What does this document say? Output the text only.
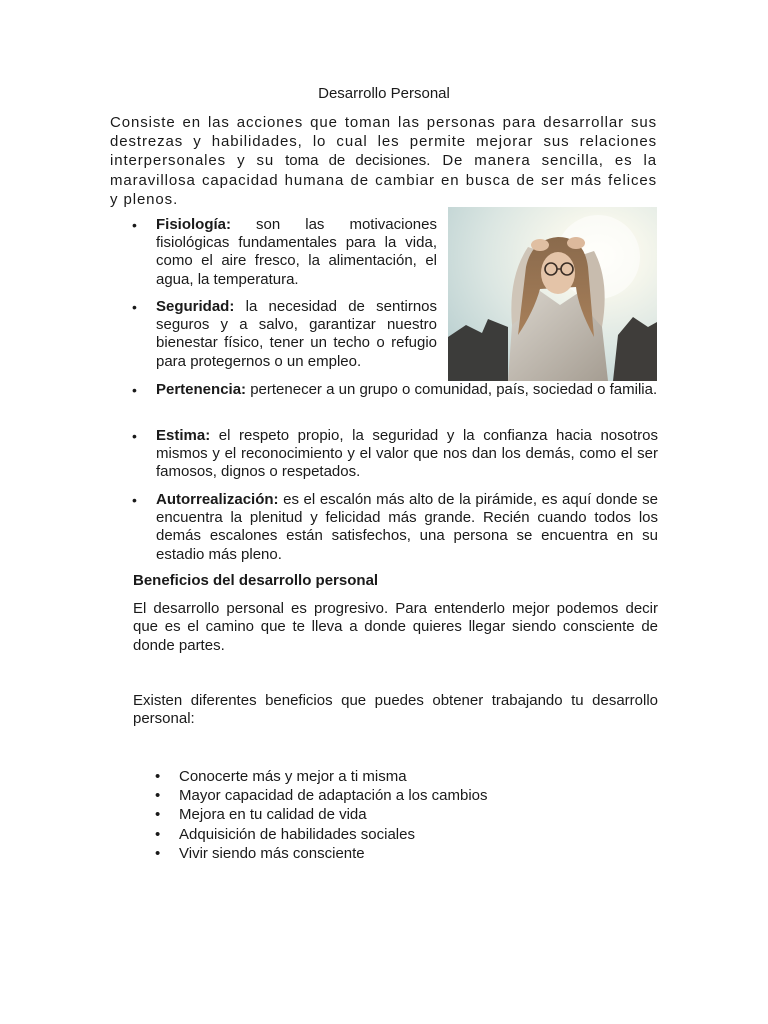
Desarrollo Personal

Consiste en las acciones que toman las personas para desarrollar sus destrezas y habilidades, lo cual les permite mejorar sus relaciones interpersonales y su toma de decisiones. De manera sencilla, es la maravillosa capacidad humana de cambiar en busca de ser más felices y plenos.

• Fisiología: son las motivaciones fisiológicas fundamentales para la vida, como el aire fresco, la alimentación, el agua, la temperatura.

• Seguridad: la necesidad de sentirnos seguros y a salvo, garantizar nuestro bienestar físico, tener un techo o refugio para protegernos o un empleo.

• Pertenencia: pertenecer a un grupo o comunidad, país, sociedad o familia.

• Estima: el respeto propio, la seguridad y la confianza hacia nosotros mismos y el reconocimiento y el valor que nos dan los demás, como el ser famosos, dignos o respetados.

• Autorrealización: es el escalón más alto de la pirámide, es aquí donde se encuentra la plenitud y felicidad más grande. Recién cuando todos los demás escalones están satisfechos, una persona se encuentra en su estadio más pleno.

Beneficios del desarrollo personal

El desarrollo personal es progresivo. Para entenderlo mejor podemos decir que es el camino que te lleva a donde quieres llegar siendo consciente de donde partes.

Existen diferentes beneficios que puedes obtener trabajando tu desarrollo personal:

• Conocerte más y mejor a ti misma
• Mayor capacidad de adaptación a los cambios
• Mejora en tu calidad de vida
• Adquisición de habilidades sociales
• Vivir siendo más consciente
